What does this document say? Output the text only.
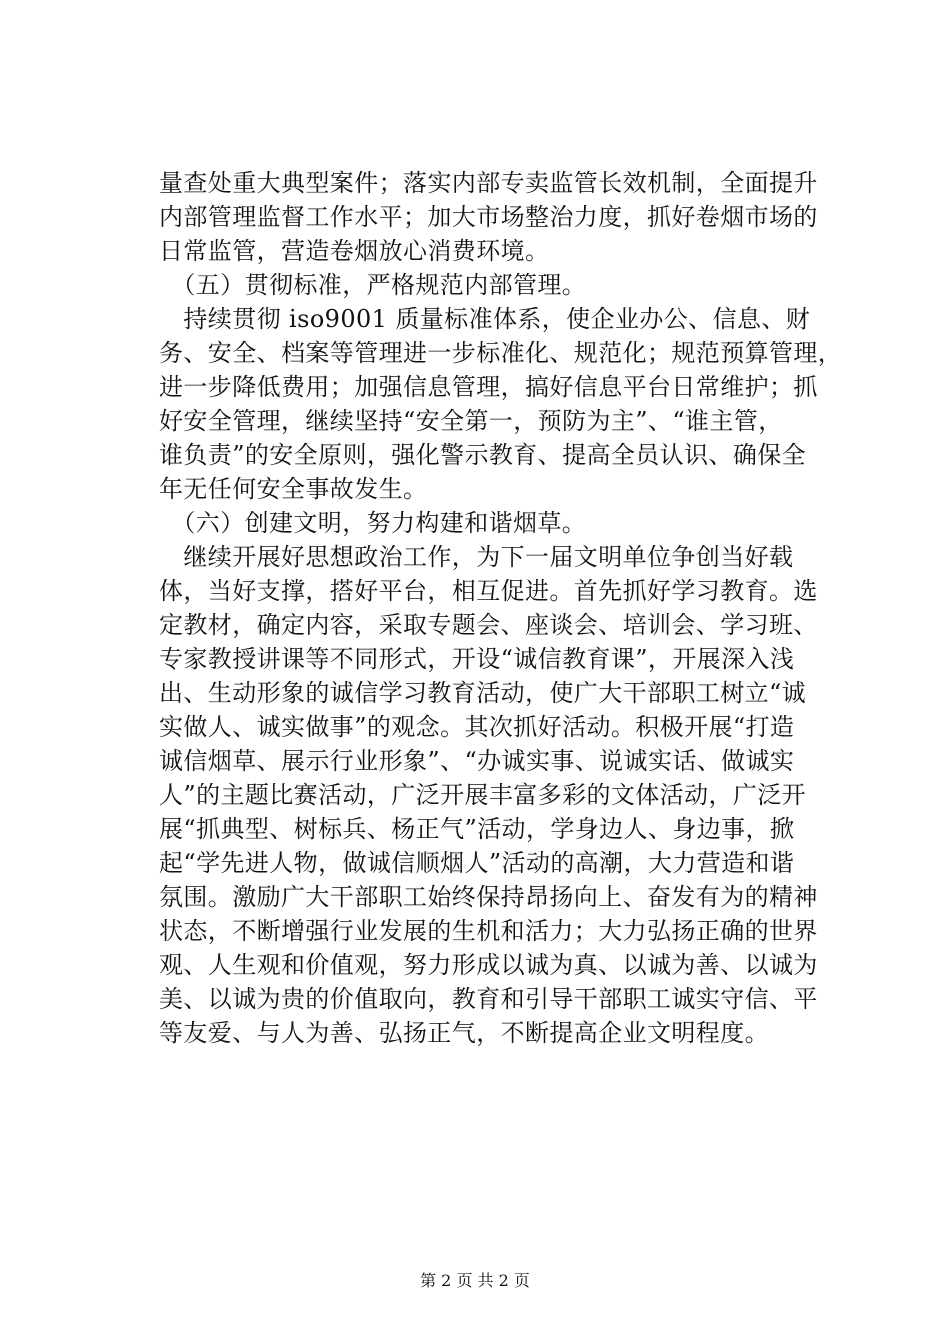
量查处重大典型案件；落实内部专卖监管长效机制，全面提升
内部管理监督工作水平；加大市场整治力度，抓好卷烟市场的
日常监管，营造卷烟放心消费环境。
　（五）贯彻标准，严格规范内部管理。
　持续贯彻 iso9001 质量标准体系，使企业办公、信息、财
务、安全、档案等管理进一步标准化、规范化；规范预算管理，
进一步降低费用；加强信息管理，搞好信息平台日常维护；抓
好安全管理，继续坚持“安全第一，预防为主”、“谁主管，
谁负责”的安全原则，强化警示教育、提高全员认识、确保全
年无任何安全事故发生。
　（六）创建文明，努力构建和谐烟草。
　继续开展好思想政治工作，为下一届文明单位争创当好载
体，当好支撑，搭好平台，相互促进。首先抓好学习教育。选
定教材，确定内容，采取专题会、座谈会、培训会、学习班、
专家教授讲课等不同形式，开设“诚信教育课”，开展深入浅
出、生动形象的诚信学习教育活动，使广大干部职工树立“诚
实做人、诚实做事”的观念。其次抓好活动。积极开展“打造
诚信烟草、展示行业形象”、“办诚实事、说诚实话、做诚实
人”的主题比赛活动，广泛开展丰富多彩的文体活动，广泛开
展“抓典型、树标兵、杨正气”活动，学身边人、身边事，掀
起“学先进人物，做诚信顺烟人”活动的高潮，大力营造和谐
氛围。激励广大干部职工始终保持昂扬向上、奋发有为的精神
状态，不断增强行业发展的生机和活力；大力弘扬正确的世界
观、人生观和价值观，努力形成以诚为真、以诚为善、以诚为
美、以诚为贵的价值取向，教育和引导干部职工诚实守信、平
等友爱、与人为善、弘扬正气，不断提高企业文明程度。
第 2 页 共 2 页
